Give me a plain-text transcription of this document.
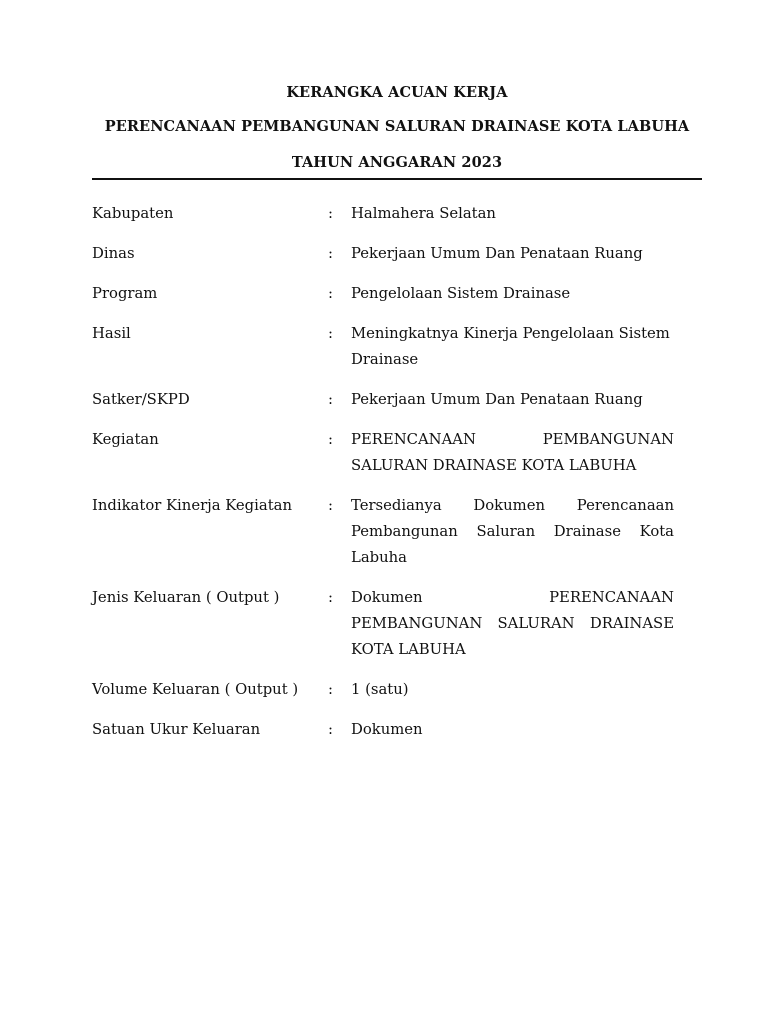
KERANGKA ACUAN KERJA
PERENCANAAN PEMBANGUNAN SALURAN DRAINASE KOTA LABUHA
TAHUN ANGGARAN 2023
Kabupaten	:	Halmahera Selatan
Dinas	:	Pekerjaan Umum Dan Penataan Ruang
Program	:	Pengelolaan Sistem Drainase
Hasil	:	Meningkatnya Kinerja Pengelolaan Sistem Drainase
Satker/SKPD	:	Pekerjaan Umum Dan Penataan Ruang
Kegiatan	:	PERENCANAAN PEMBANGUNAN SALURAN DRAINASE KOTA LABUHA
Indikator Kinerja Kegiatan	:	Tersedianya Dokumen Perencanaan Pembangunan Saluran Drainase Kota Labuha
Jenis Keluaran ( Output )	:	Dokumen PERENCANAAN PEMBANGUNAN SALURAN DRAINASE KOTA LABUHA
Volume Keluaran ( Output )	:	1 (satu)
Satuan Ukur Keluaran	:	Dokumen
